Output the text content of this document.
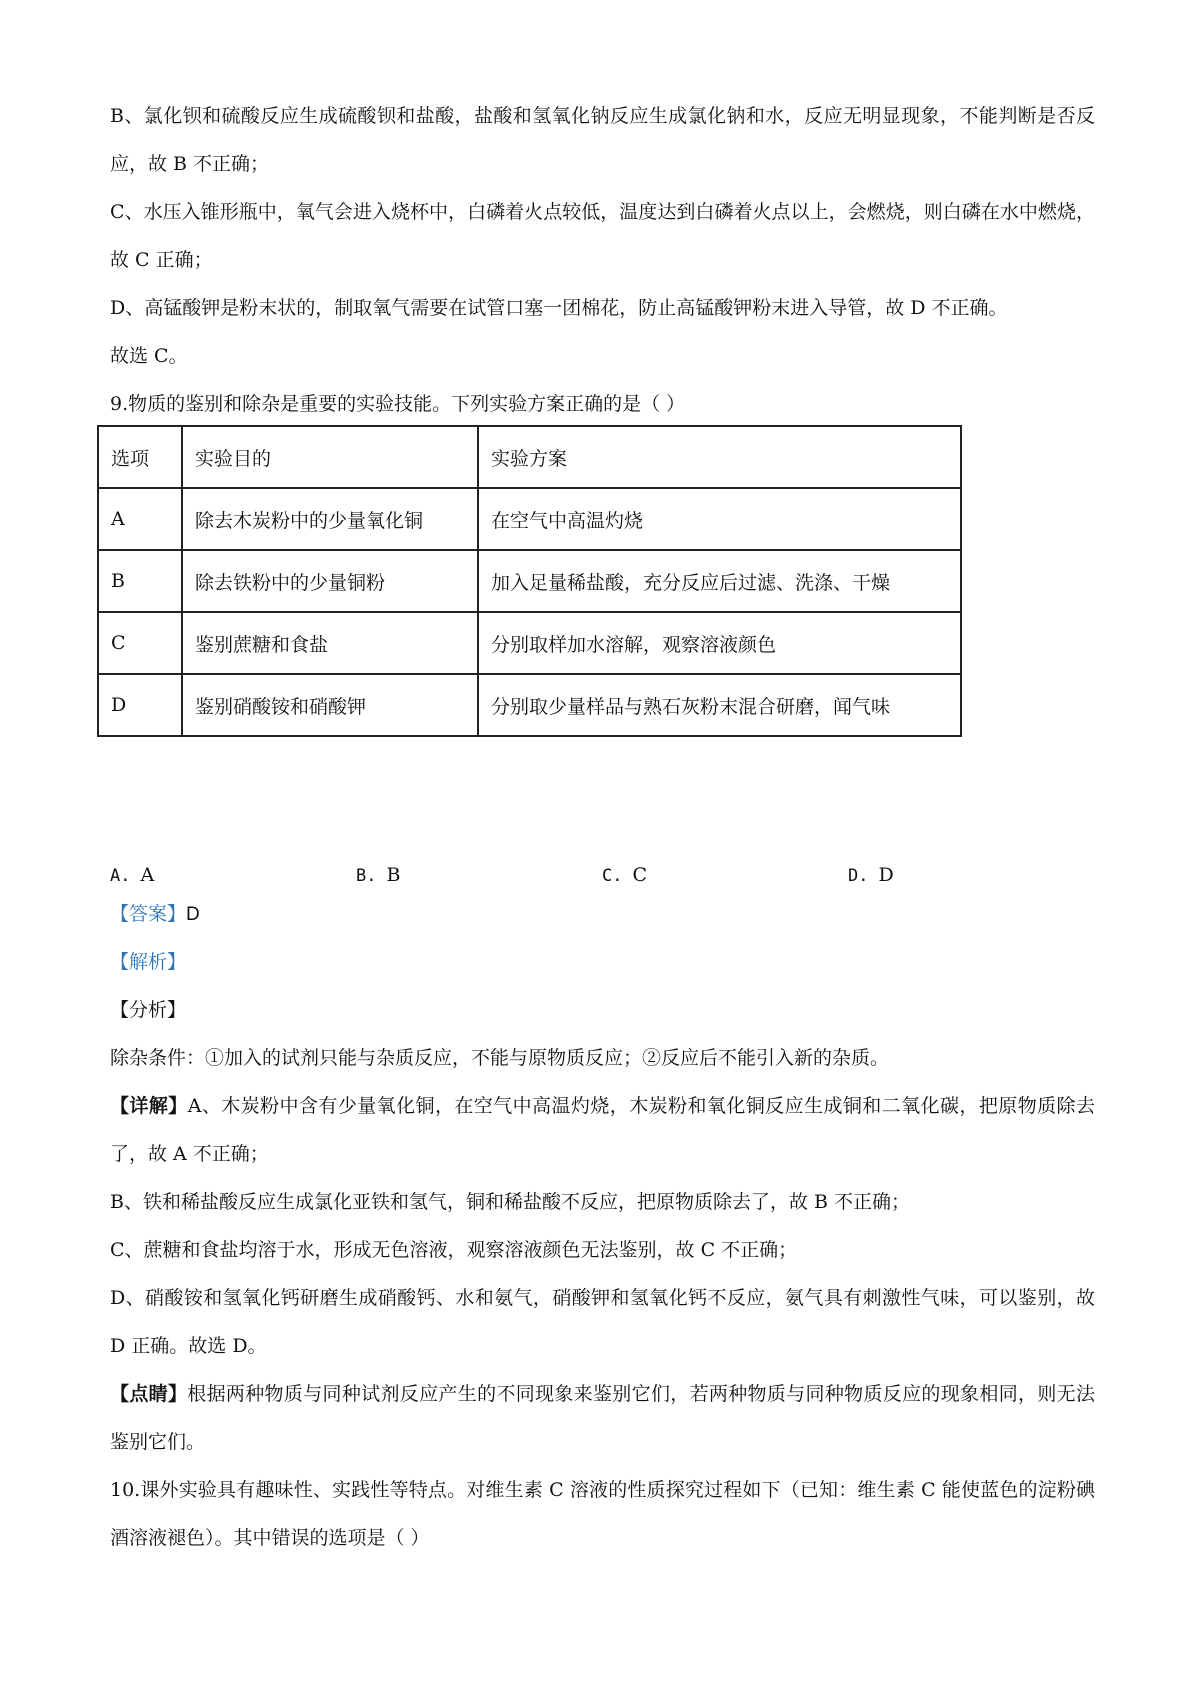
B、氯化钡和硫酸反应生成硫酸钡和盐酸，盐酸和氢氧化钠反应生成氯化钠和水，反应无明显现象，不能判断是否反应，故 B 不正确；

C、水压入锥形瓶中，氧气会进入烧杯中，白磷着火点较低，温度达到白磷着火点以上，会燃烧，则白磷在水中燃烧，故 C 正确；

D、高锰酸钾是粉末状的，制取氧气需要在试管口塞一团棉花，防止高锰酸钾粉末进入导管，故 D 不正确。

故选 C。

9.物质的鉴别和除杂是重要的实验技能。下列实验方案正确的是（ ）

选项	实验目的	实验方案
A	除去木炭粉中的少量氧化铜	在空气中高温灼烧
B	除去铁粉中的少量铜粉	加入足量稀盐酸，充分反应后过滤、洗涤、干燥
C	鉴别蔗糖和食盐	分别取样加水溶解，观察溶液颜色
D	鉴别硝酸铵和硝酸钾	分别取少量样品与熟石灰粉末混合研磨，闻气味
A. A	B. B	C. C	D. D

【答案】D

【解析】

【分析】

除杂条件：①加入的试剂只能与杂质反应，不能与原物质反应；②反应后不能引入新的杂质。

【详解】A、木炭粉中含有少量氧化铜，在空气中高温灼烧，木炭粉和氧化铜反应生成铜和二氧化碳，把原物质除去了，故 A 不正确；

B、铁和稀盐酸反应生成氯化亚铁和氢气，铜和稀盐酸不反应，把原物质除去了，故 B 不正确；

C、蔗糖和食盐均溶于水，形成无色溶液，观察溶液颜色无法鉴别，故 C 不正确；

D、硝酸铵和氢氧化钙研磨生成硝酸钙、水和氨气，硝酸钾和氢氧化钙不反应，氨气具有刺激性气味，可以鉴别，故 D 正确。故选 D。

【点睛】根据两种物质与同种试剂反应产生的不同现象来鉴别它们，若两种物质与同种物质反应的现象相同，则无法鉴别它们。

10.课外实验具有趣味性、实践性等特点。对维生素 C 溶液的性质探究过程如下（已知：维生素 C 能使蓝色的淀粉碘酒溶液褪色）。其中错误的选项是（ ）
